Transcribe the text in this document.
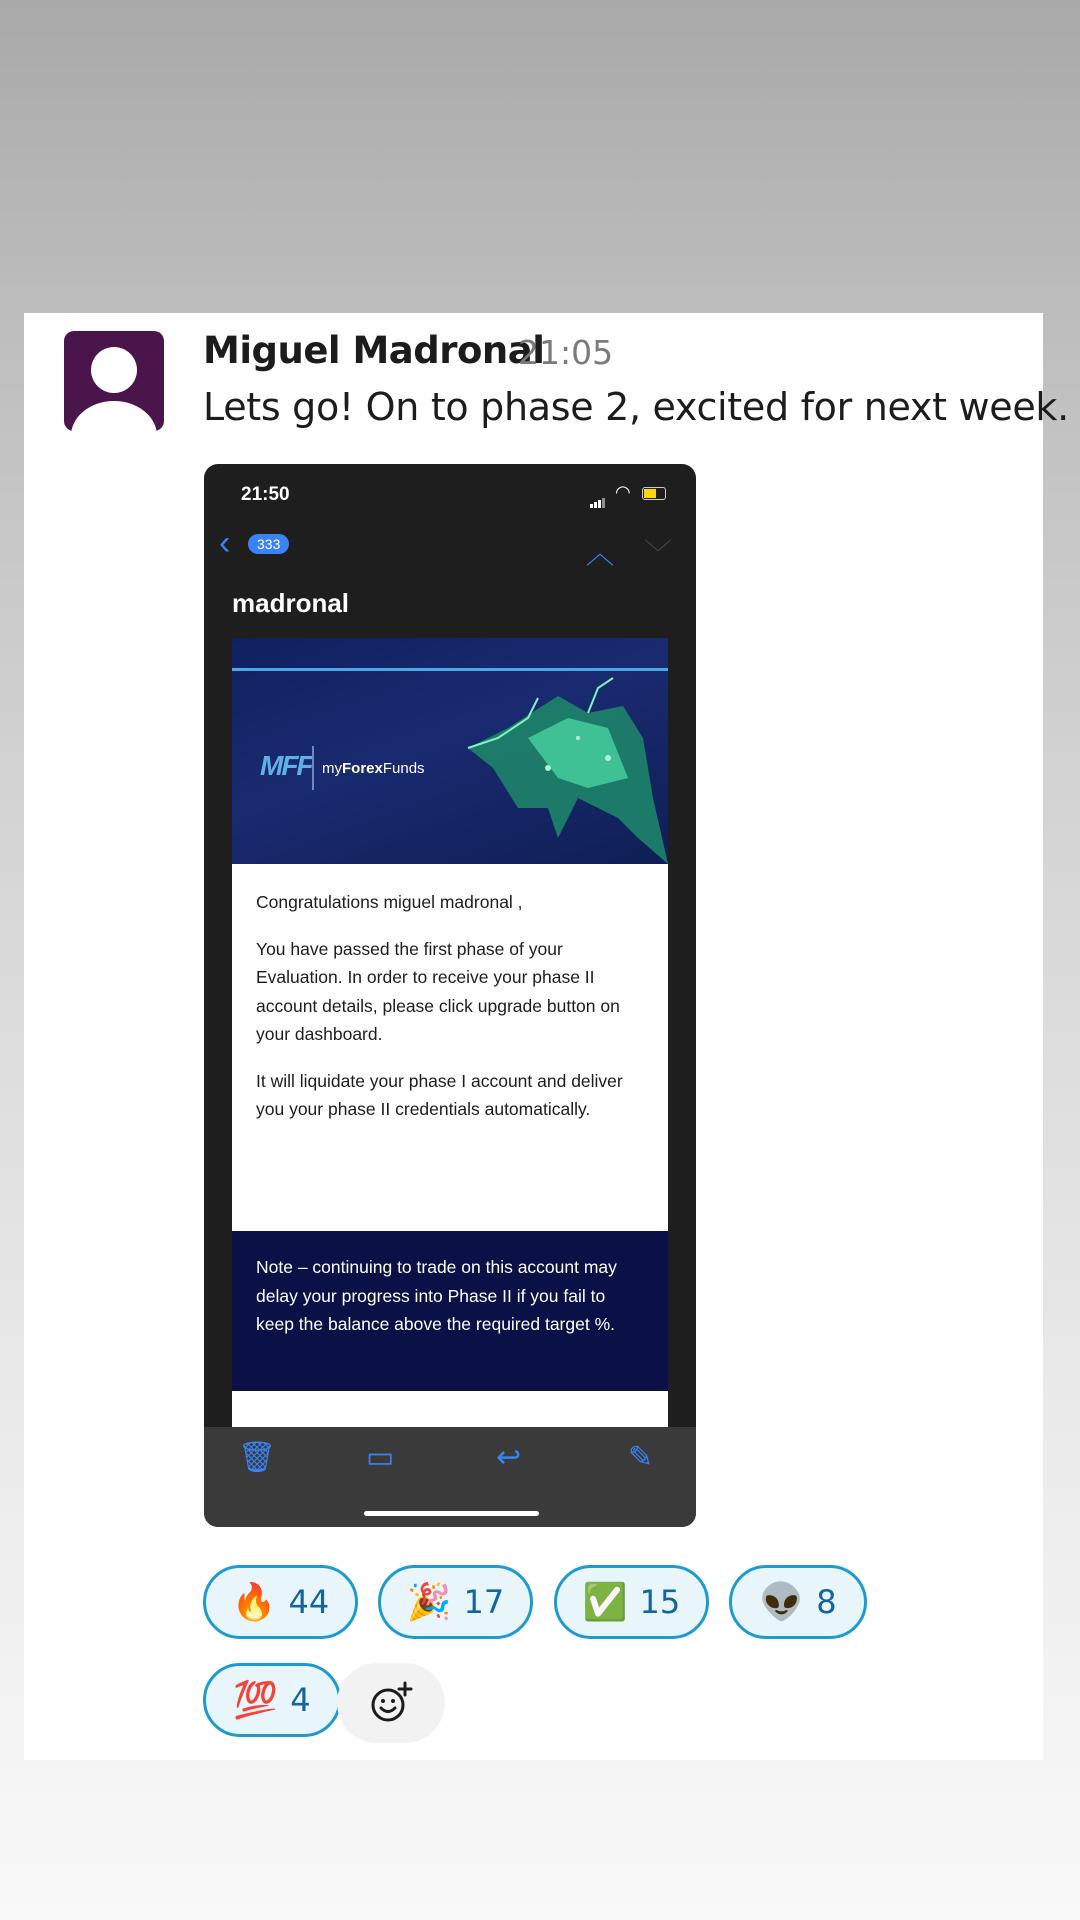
Miguel Madronal
21:05
Lets go! On to phase 2, excited for next week.
21:50	◠
‹	333	︿ ﹀
madronal
MFF myForexFunds

Congratulations miguel madronal ,

You have passed the first phase of your Evaluation. In order to receive your phase II account details, please click upgrade button on your dashboard.

It will liquidate your phase I account and deliver you your phase II credentials automatically.

Note – continuing to trade on this account may delay your progress into Phase II if you fail to keep the balance above the required target %.

🗑	▭	↩	✎
🔥 44 🎉 17 ✅ 15 👽 8
💯 4
